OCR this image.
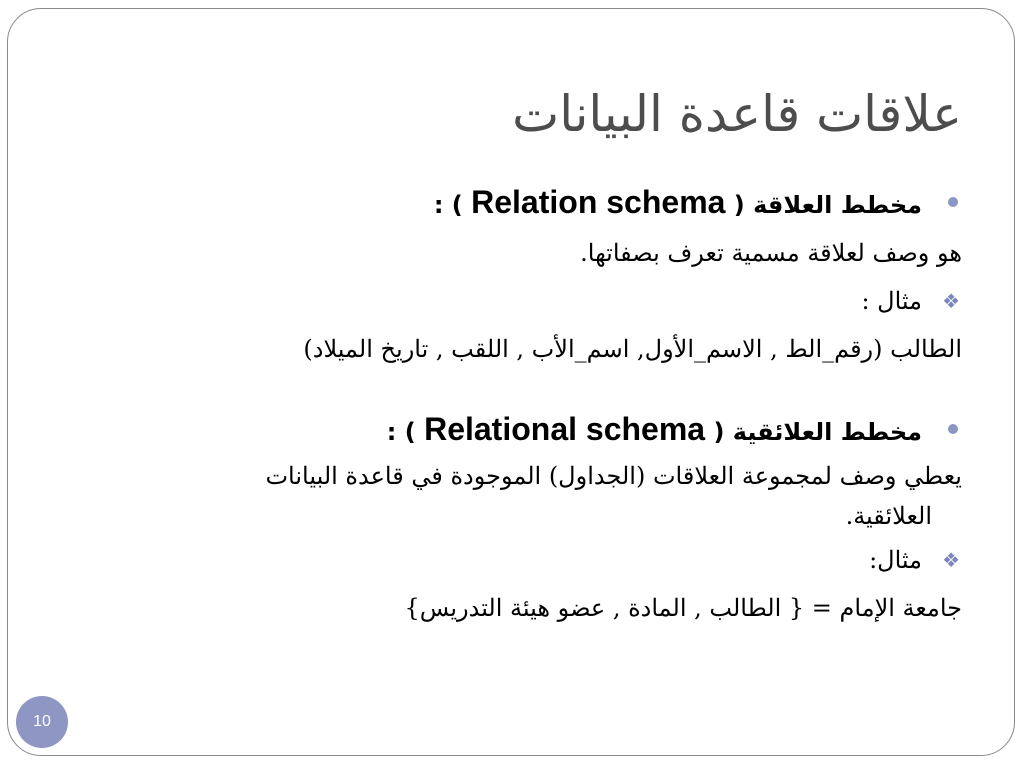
علاقات قاعدة البيانات
مخطط العلاقة ( Relation schema ) :
هو وصف لعلاقة مسمية تعرف بصفاتها.
❖
مثال :
الطالب (رقم_الط , الاسم_الأول, اسم_الأب , اللقب , تاريخ الميلاد)
مخطط العلائقية ( Relational schema ) :
يعطي وصف لمجموعة العلاقات (الجداول) الموجودة في قاعدة البيانات
العلائقية.
❖
مثال:
جامعة الإمام = { الطالب , المادة , عضو هيئة التدريس}
10
